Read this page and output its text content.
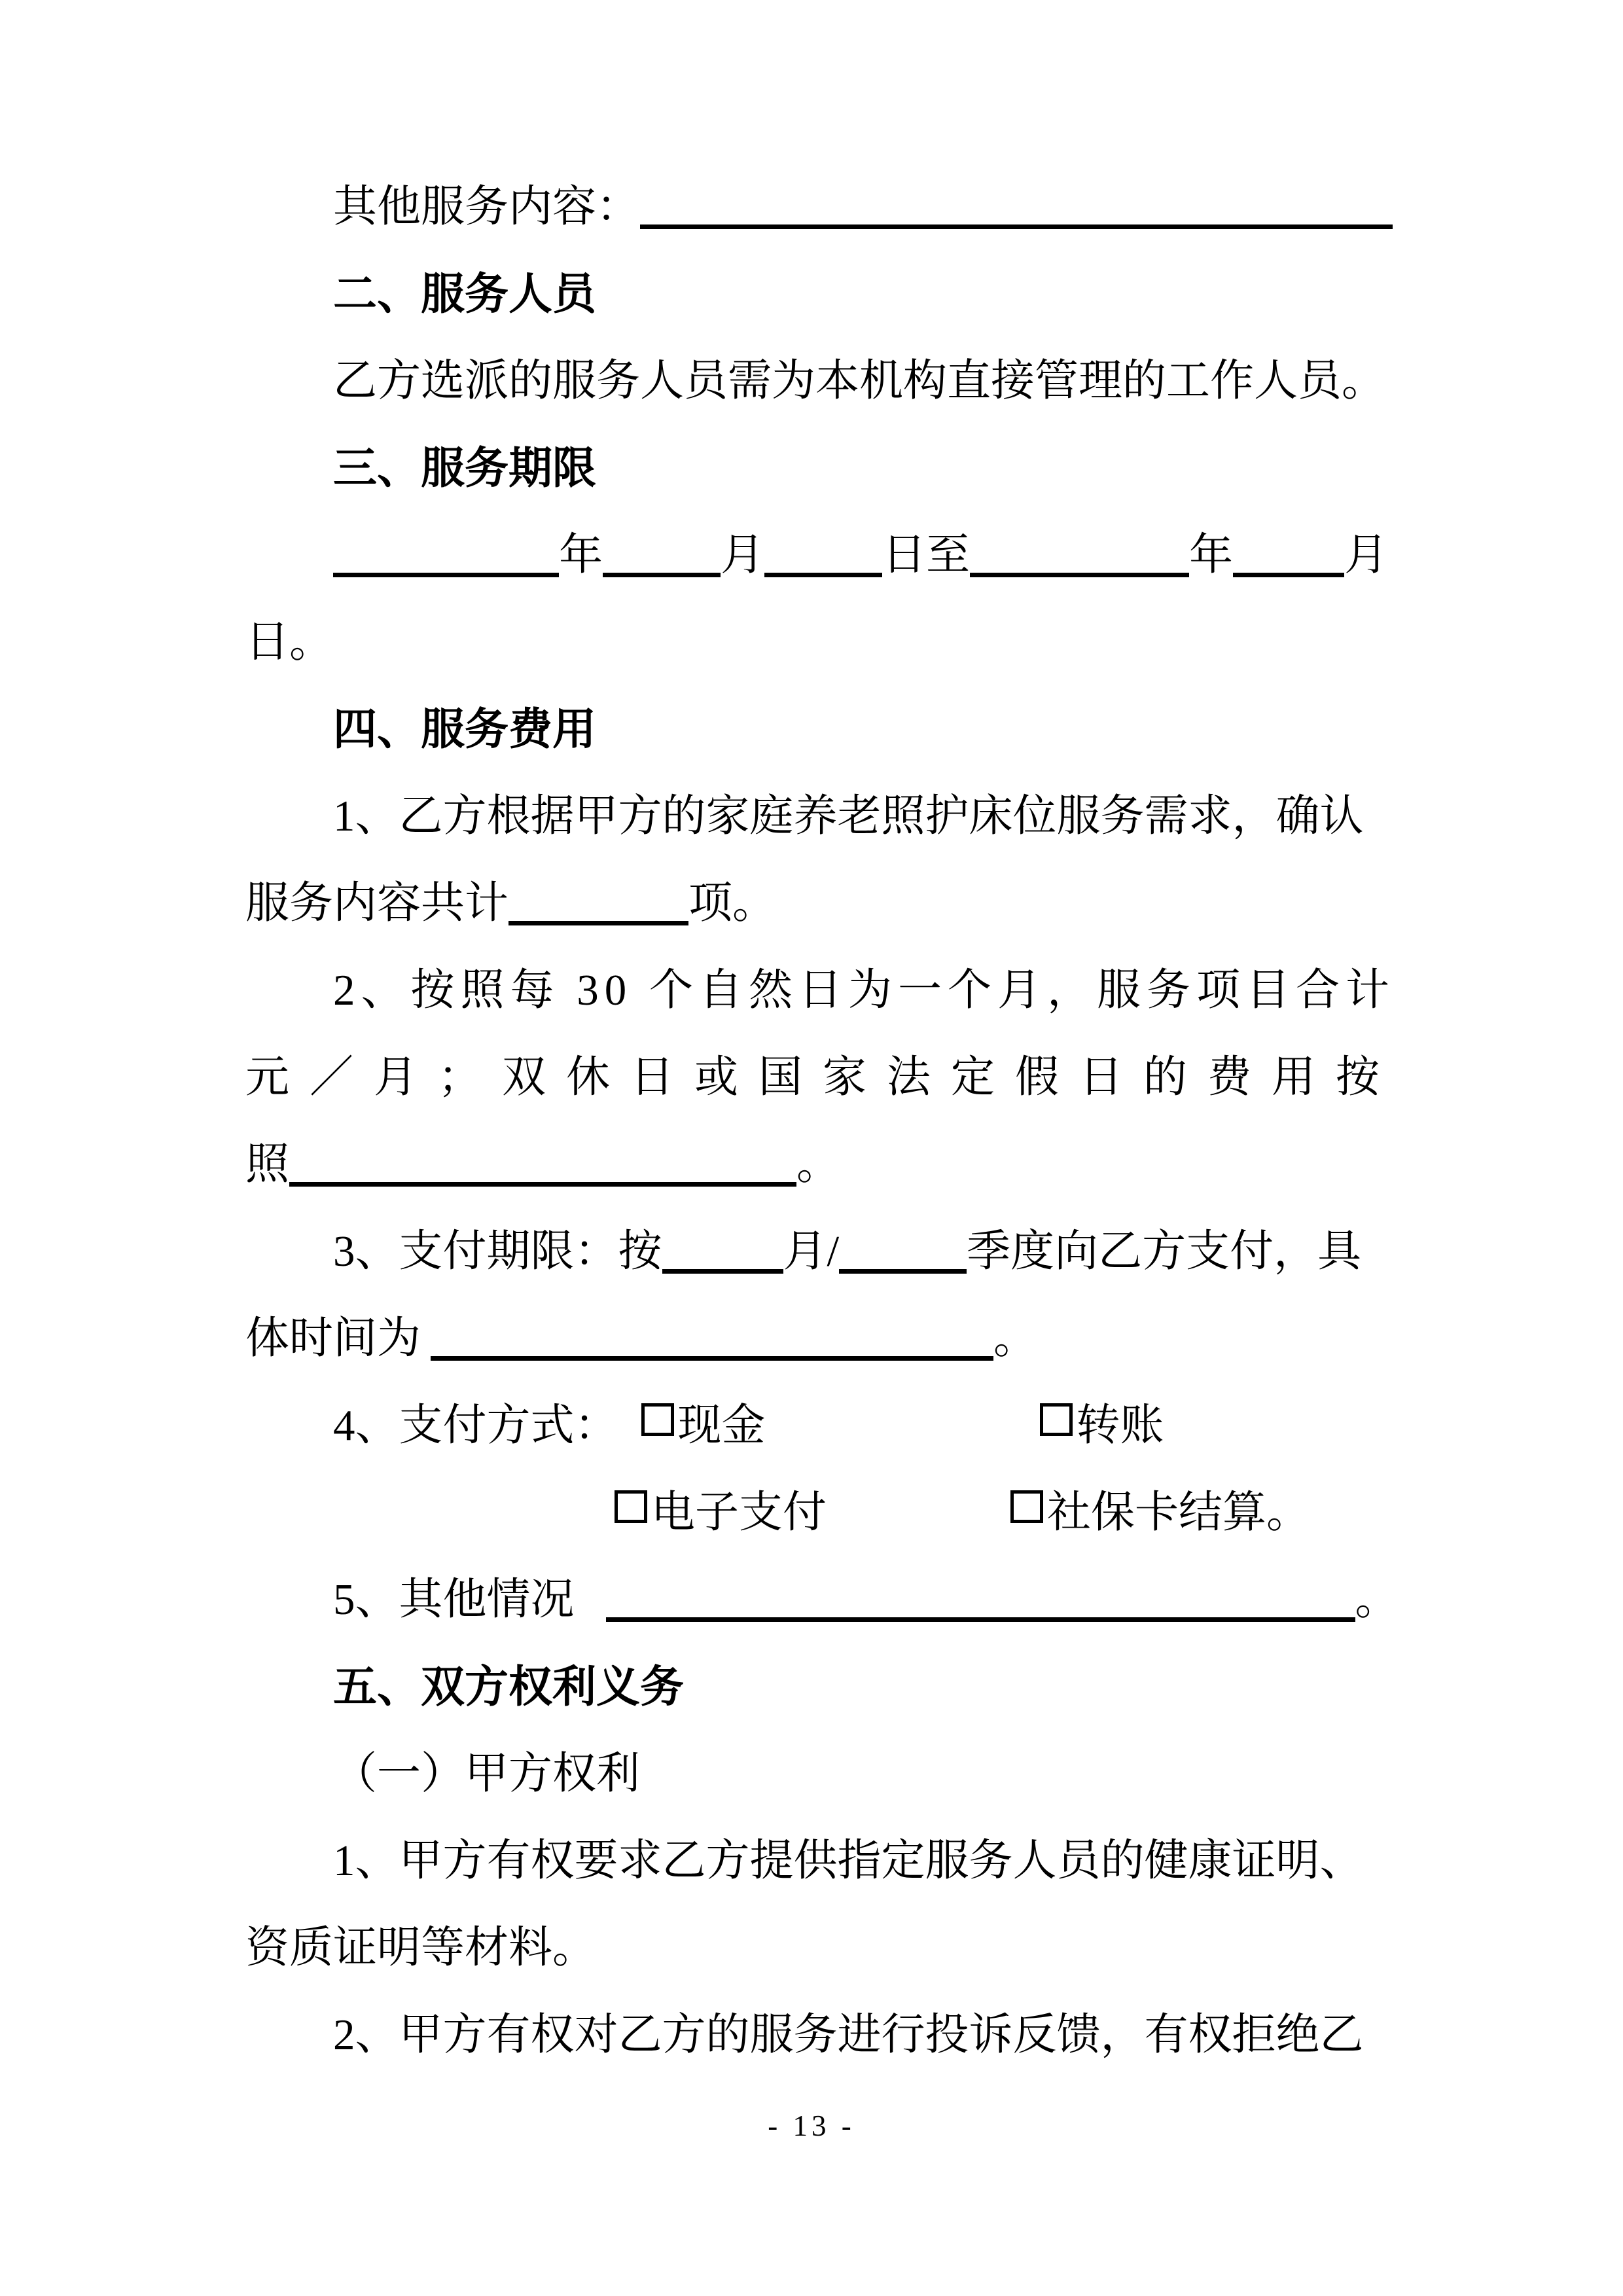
其他服务内容：
二、服务人员
乙方选派的服务人员需为本机构直接管理的工作人员。
三、服务期限
年	月	日至	年	月
日。
四、服务费用
1、乙方根据甲方的家庭养老照护床位服务需求，确认
服务内容共计	项。
2、按照每 30 个自然日为一个月，服务项目合计
元／月；双休日或国家法定假日的费用按
照	。
3、支付期限：按	月/	季度向乙方支付，具
体时间为	。
4、支付方式： 现金	转账
电子支付	社保卡结算。
5、其他情况	。
五、双方权利义务
（一）甲方权利
1、甲方有权要求乙方提供指定服务人员的健康证明、
资质证明等材料。
2、甲方有权对乙方的服务进行投诉反馈，有权拒绝乙
- 13 -
